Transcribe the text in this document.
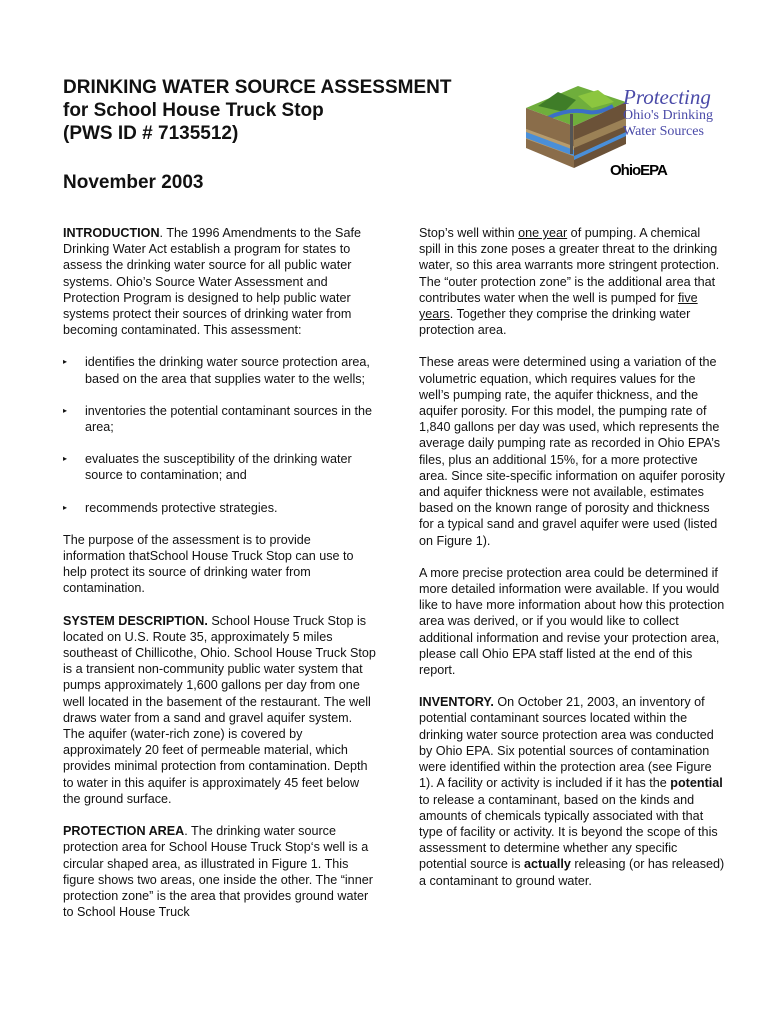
DRINKING WATER SOURCE ASSESSMENT

for School House Truck Stop

(PWS ID # 7135512)

November 2003

Protecting
Ohio's Drinking
Water Sources
OhioEPA

INTRODUCTION. The 1996 Amendments to the Safe Drinking Water Act establish a program for states to assess the drinking water source for all public water systems. Ohio’s Source Water Assessment and Protection Program is designed to help public water systems protect their sources of drinking water from becoming contaminated. This assessment:

▸	identifies the drinking water source protection area, based on the area that supplies water to the wells;
▸	inventories the potential contaminant sources in the area;
▸	evaluates the susceptibility of the drinking water source to contamination; and
▸	recommends protective strategies.

The purpose of the assessment is to provide information thatSchool House Truck Stop can use to help protect its source of drinking water from contamination.

SYSTEM DESCRIPTION. School House Truck Stop is located on U.S. Route 35, approximately 5 miles southeast of Chillicothe, Ohio. School House Truck Stop is a transient non-community public water system that pumps approximately 1,600 gallons per day from one well located in the basement of the restaurant. The well draws water from a sand and gravel aquifer system. The aquifer (water-rich zone) is covered by approximately 20 feet of permeable material, which provides minimal protection from contamination. Depth to water in this aquifer is approximately 45 feet below the ground surface.

PROTECTION AREA. The drinking water source protection area for School House Truck Stop‘s well is a circular shaped area, as illustrated in Figure 1. This figure shows two areas, one inside the other. The “inner protection zone” is the area that provides ground water to School House Truck

Stop’s well within one year of pumping. A chemical spill in this zone poses a greater threat to the drinking water, so this area warrants more stringent protection. The “outer protection zone” is the additional area that contributes water when the well is pumped for five years. Together they comprise the drinking water protection area.

These areas were determined using a variation of the volumetric equation, which requires values for the well’s pumping rate, the aquifer thickness, and the aquifer porosity. For this model, the pumping rate of 1,840 gallons per day was used, which represents the average daily pumping rate as recorded in Ohio EPA’s files, plus an additional 15%, for a more protective area. Since site-specific information on aquifer porosity and aquifer thickness were not available, estimates based on the known range of porosity and thickness for a typical sand and gravel aquifer were used (listed on Figure 1).

A more precise protection area could be determined if more detailed information were available. If you would like to have more information about how this protection area was derived, or if you would like to collect additional information and revise your protection area, please call Ohio EPA staff listed at the end of this report.

INVENTORY. On October 21, 2003, an inventory of potential contaminant sources located within the drinking water source protection area was conducted by Ohio EPA. Six potential sources of contamination were identified within the protection area (see Figure 1). A facility or activity is included if it has the potential to release a contaminant, based on the kinds and amounts of chemicals typically associated with that type of facility or activity. It is beyond the scope of this assessment to determine whether any specific potential source is actually releasing (or has released) a contaminant to ground water.
